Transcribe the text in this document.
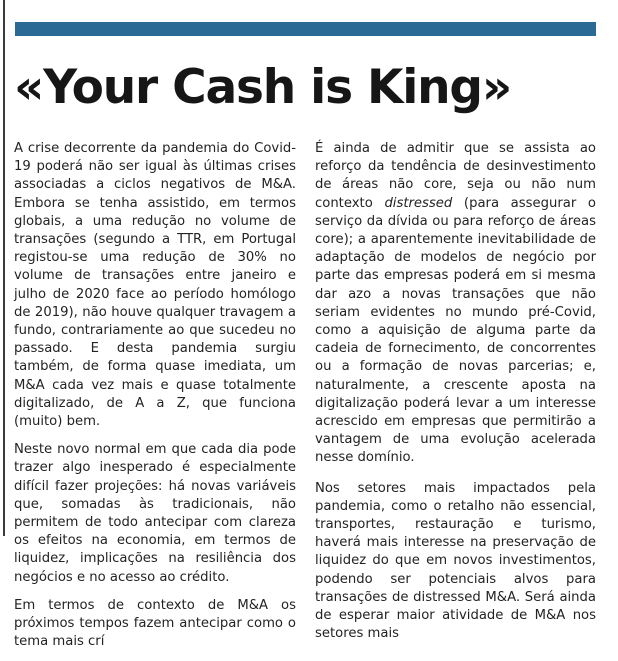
«Your Cash is King»

A crise decorrente da pandemia do Covid-19 poderá não ser igual às últimas crises associadas a ciclos negativos de M&A. Embora se tenha assistido, em termos globais, a uma redução no volume de transações (segundo a TTR, em Portugal registou-se uma redução de 30% no volume de transações entre janeiro e julho de 2020 face ao período homólogo de 2019), não houve qualquer travagem a fundo, contrariamente ao que sucedeu no passado. E desta pandemia surgiu também, de forma quase imediata, um M&A cada vez mais e quase totalmente digitalizado, de A a Z, que funciona (muito) bem.

Neste novo normal em que cada dia pode trazer algo inesperado é especialmente difícil fazer projeções: há novas variáveis que, somadas às tradicionais, não permitem de todo antecipar com clareza os efeitos na economia, em termos de liquidez, implicações na resiliência dos negócios e no acesso ao crédito.

Em termos de contexto de M&A os próximos tempos fazem antecipar como o tema mais crí

É ainda de admitir que se assista ao reforço da tendência de desinvestimento de áreas não core, seja ou não num contexto distressed (para assegurar o serviço da dívida ou para reforço de áreas core); a aparentemente inevitabilidade de adaptação de modelos de negócio por parte das empresas poderá em si mesma dar azo a novas transações que não seriam evidentes no mundo pré-Covid, como a aquisição de alguma parte da cadeia de fornecimento, de concorrentes ou a formação de novas parcerias; e, naturalmente, a crescente aposta na digitalização poderá levar a um interesse acrescido em empresas que permitirão a vantagem de uma evolução acelerada nesse domínio.

Nos setores mais impactados pela pandemia, como o retalho não essencial, transportes, restauração e turismo, haverá mais interesse na preservação de liquidez do que em novos investimentos, podendo ser potenciais alvos para transações de distressed M&A. Será ainda de esperar maior atividade de M&A nos setores mais
